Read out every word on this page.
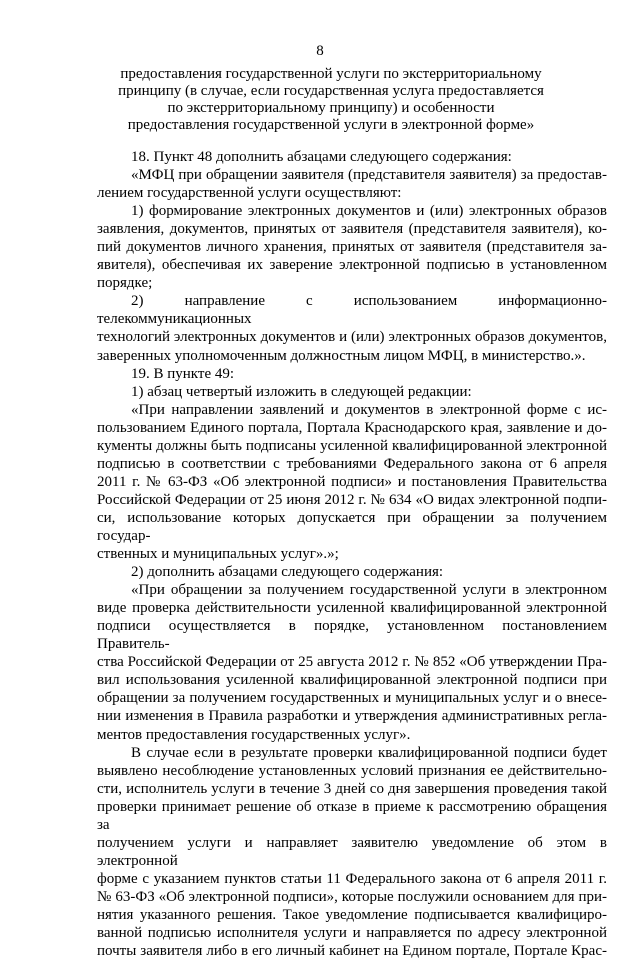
8
предоставления государственной услуги по экстерриториальному
принципу (в случае, если государственная услуга предоставляется
по экстерриториальному принципу) и особенности
предоставления государственной услуги в электронной форме»

18. Пункт 48 дополнить абзацами следующего содержания:

«МФЦ при обращении заявителя (представителя заявителя) за предостав-

лением государственной услуги осуществляют:

1) формирование электронных документов и (или) электронных образов

заявления, документов, принятых от заявителя (представителя заявителя), ко-

пий документов личного хранения, принятых от заявителя (представителя за-

явителя), обеспечивая их заверение электронной подписью в установленном

порядке;

2) направление с использованием информационно-телекоммуникационных

технологий электронных документов и (или) электронных образов документов,

заверенных уполномоченным должностным лицом МФЦ, в министерство.».

19. В пункте 49:

1) абзац четвертый изложить в следующей редакции:

«При направлении заявлений и документов в электронной форме с ис-

пользованием Единого портала, Портала Краснодарского края, заявление и до-

кументы должны быть подписаны усиленной квалифицированной электронной

подписью в соответствии с требованиями Федерального закона от 6 апреля

2011 г. № 63-ФЗ «Об электронной подписи» и постановления Правительства

Российской Федерации от 25 июня 2012 г. № 634 «О видах электронной подпи-

си, использование которых допускается при обращении за получением государ-

ственных и муниципальных услуг».»;

2) дополнить абзацами следующего содержания:

«При обращении за получением государственной услуги в электронном

виде проверка действительности усиленной квалифицированной электронной

подписи осуществляется в порядке, установленном постановлением Правитель-

ства Российской Федерации от 25 августа 2012 г. № 852 «Об утверждении Пра-

вил использования усиленной квалифицированной электронной подписи при

обращении за получением государственных и муниципальных услуг и о внесе-

нии изменения в Правила разработки и утверждения административных регла-

ментов предоставления государственных услуг».

В случае если в результате проверки квалифицированной подписи будет

выявлено несоблюдение установленных условий признания ее действительно-

сти, исполнитель услуги в течение 3 дней со дня завершения проведения такой

проверки принимает решение об отказе в приеме к рассмотрению обращения за

получением услуги и направляет заявителю уведомление об этом в электронной

форме с указанием пунктов статьи 11 Федерального закона от 6 апреля 2011 г.

№ 63-ФЗ «Об электронной подписи», которые послужили основанием для при-

нятия указанного решения. Такое уведомление подписывается квалифициро-

ванной подписью исполнителя услуги и направляется по адресу электронной

почты заявителя либо в его личный кабинет на Едином портале, Портале Крас-
